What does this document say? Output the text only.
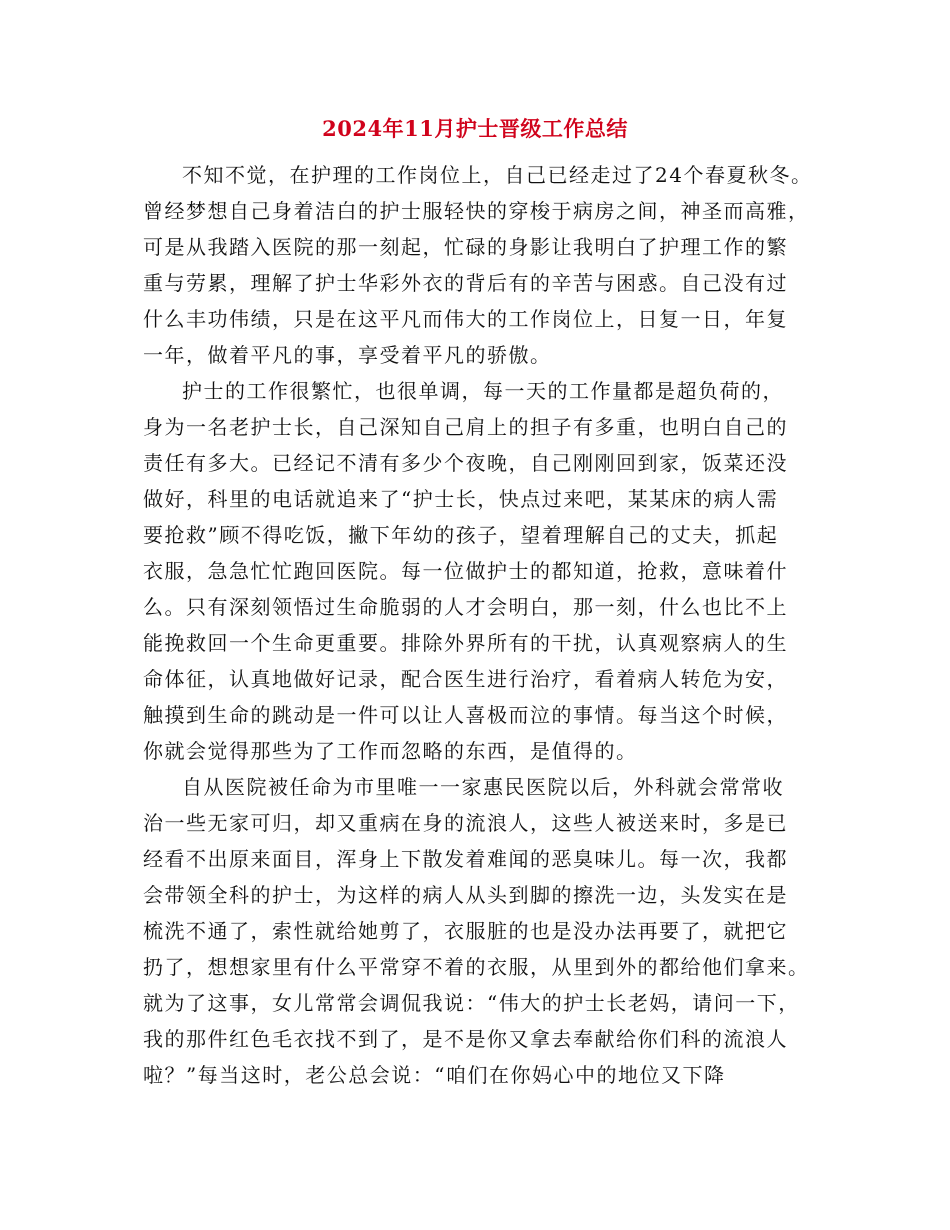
2024年11月护士晋级工作总结
不知不觉，在护理的工作岗位上，自己已经走过了24个春夏秋冬。
曾经梦想自己身着洁白的护士服轻快的穿梭于病房之间，神圣而高雅，
可是从我踏入医院的那一刻起，忙碌的身影让我明白了护理工作的繁
重与劳累，理解了护士华彩外衣的背后有的辛苦与困惑。自己没有过
什么丰功伟绩，只是在这平凡而伟大的工作岗位上，日复一日，年复
一年，做着平凡的事，享受着平凡的骄傲。
护士的工作很繁忙，也很单调，每一天的工作量都是超负荷的，
身为一名老护士长，自己深知自己肩上的担子有多重，也明白自己的
责任有多大。已经记不清有多少个夜晚，自己刚刚回到家，饭菜还没
做好，科里的电话就追来了“护士长，快点过来吧，某某床的病人需
要抢救”顾不得吃饭，撇下年幼的孩子，望着理解自己的丈夫，抓起
衣服，急急忙忙跑回医院。每一位做护士的都知道，抢救，意味着什
么。只有深刻领悟过生命脆弱的人才会明白，那一刻，什么也比不上
能挽救回一个生命更重要。排除外界所有的干扰，认真观察病人的生
命体征，认真地做好记录，配合医生进行治疗，看着病人转危为安，
触摸到生命的跳动是一件可以让人喜极而泣的事情。每当这个时候，
你就会觉得那些为了工作而忽略的东西，是值得的。
自从医院被任命为市里唯一一家惠民医院以后，外科就会常常收
治一些无家可归，却又重病在身的流浪人，这些人被送来时，多是已
经看不出原来面目，浑身上下散发着难闻的恶臭味儿。每一次，我都
会带领全科的护士，为这样的病人从头到脚的擦洗一边，头发实在是
梳洗不通了，索性就给她剪了，衣服脏的也是没办法再要了，就把它
扔了，想想家里有什么平常穿不着的衣服，从里到外的都给他们拿来。
就为了这事，女儿常常会调侃我说：“伟大的护士长老妈，请问一下，
我的那件红色毛衣找不到了，是不是你又拿去奉献给你们科的流浪人
啦？”每当这时，老公总会说：“咱们在你妈心中的地位又下降
